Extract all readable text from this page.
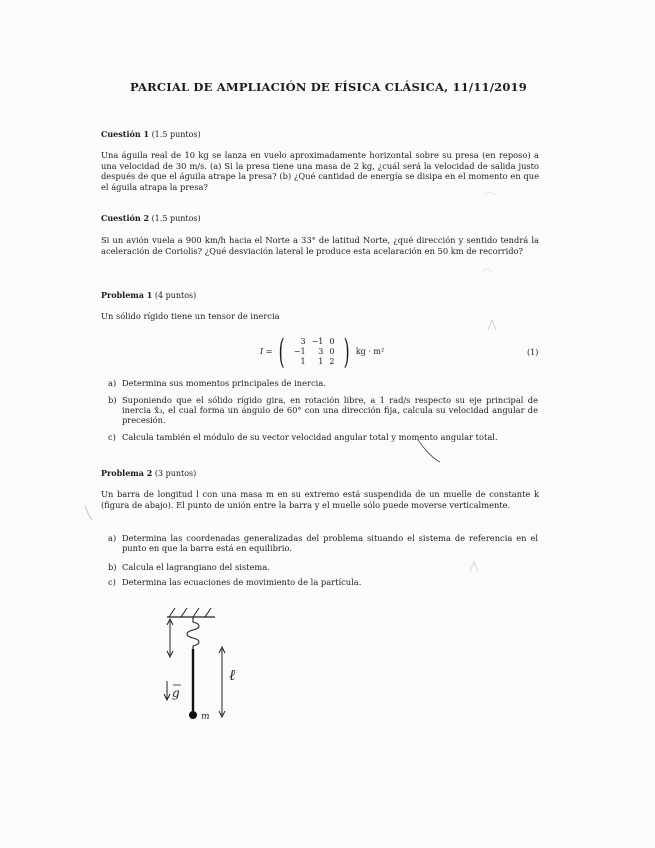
PARCIAL DE AMPLIACIÓN DE FÍSICA CLÁSICA, 11/11/2019
Cuestión 1 (1.5 puntos)
Una águila real de 10 kg se lanza en vuelo aproximadamente horizontal sobre su presa (en reposo) a una velocidad de 30 m/s. (a) Si la presa tiene una masa de 2 kg, ¿cuál será la velocidad de salida justo después de que el águila atrape la presa? (b) ¿Qué cantidad de energía se disipa en el momento en que el águila atrapa la presa?
Cuestión 2 (1.5 puntos)
Si un avión vuela a 900 km/h hacia el Norte a 33° de latitud Norte, ¿qué dirección y sentido tendrá la aceleración de Coriolis? ¿Qué desviación lateral le produce esta acelaración en 50 km de recorrido?
Problema 1 (4 puntos)
Un sólido rígido tiene un tensor de inercia
I = ( 3	−1	0
−1	3	0
1	1	2 ) kg · m²	(1)
a) Determina sus momentos principales de inercia.
b) Suponiendo que el sólido rígido gira, en rotación libre, a 1 rad/s respecto su eje principal de inercia x̂₃, el cual forma un ángulo de 60° con una dirección fija, calcula su velocidad angular de precesión.
c) Calcula también el módulo de su vector velocidad angular total y momento angular total.
Problema 2 (3 puntos)
Un barra de longitud l con una masa m en su extremo está suspendida de un muelle de constante k (figura de abajo). El punto de unión entre la barra y el muelle sólo puede moverse verticalmente.
a) Determina las coordenadas generalizadas del problema situando el sistema de referencia en el punto en que la barra está en equilibrio.
b) Calcula el lagrangiano del sistema.
c) Determina las ecuaciones de movimiento de la partícula.
g
ℓ
m
